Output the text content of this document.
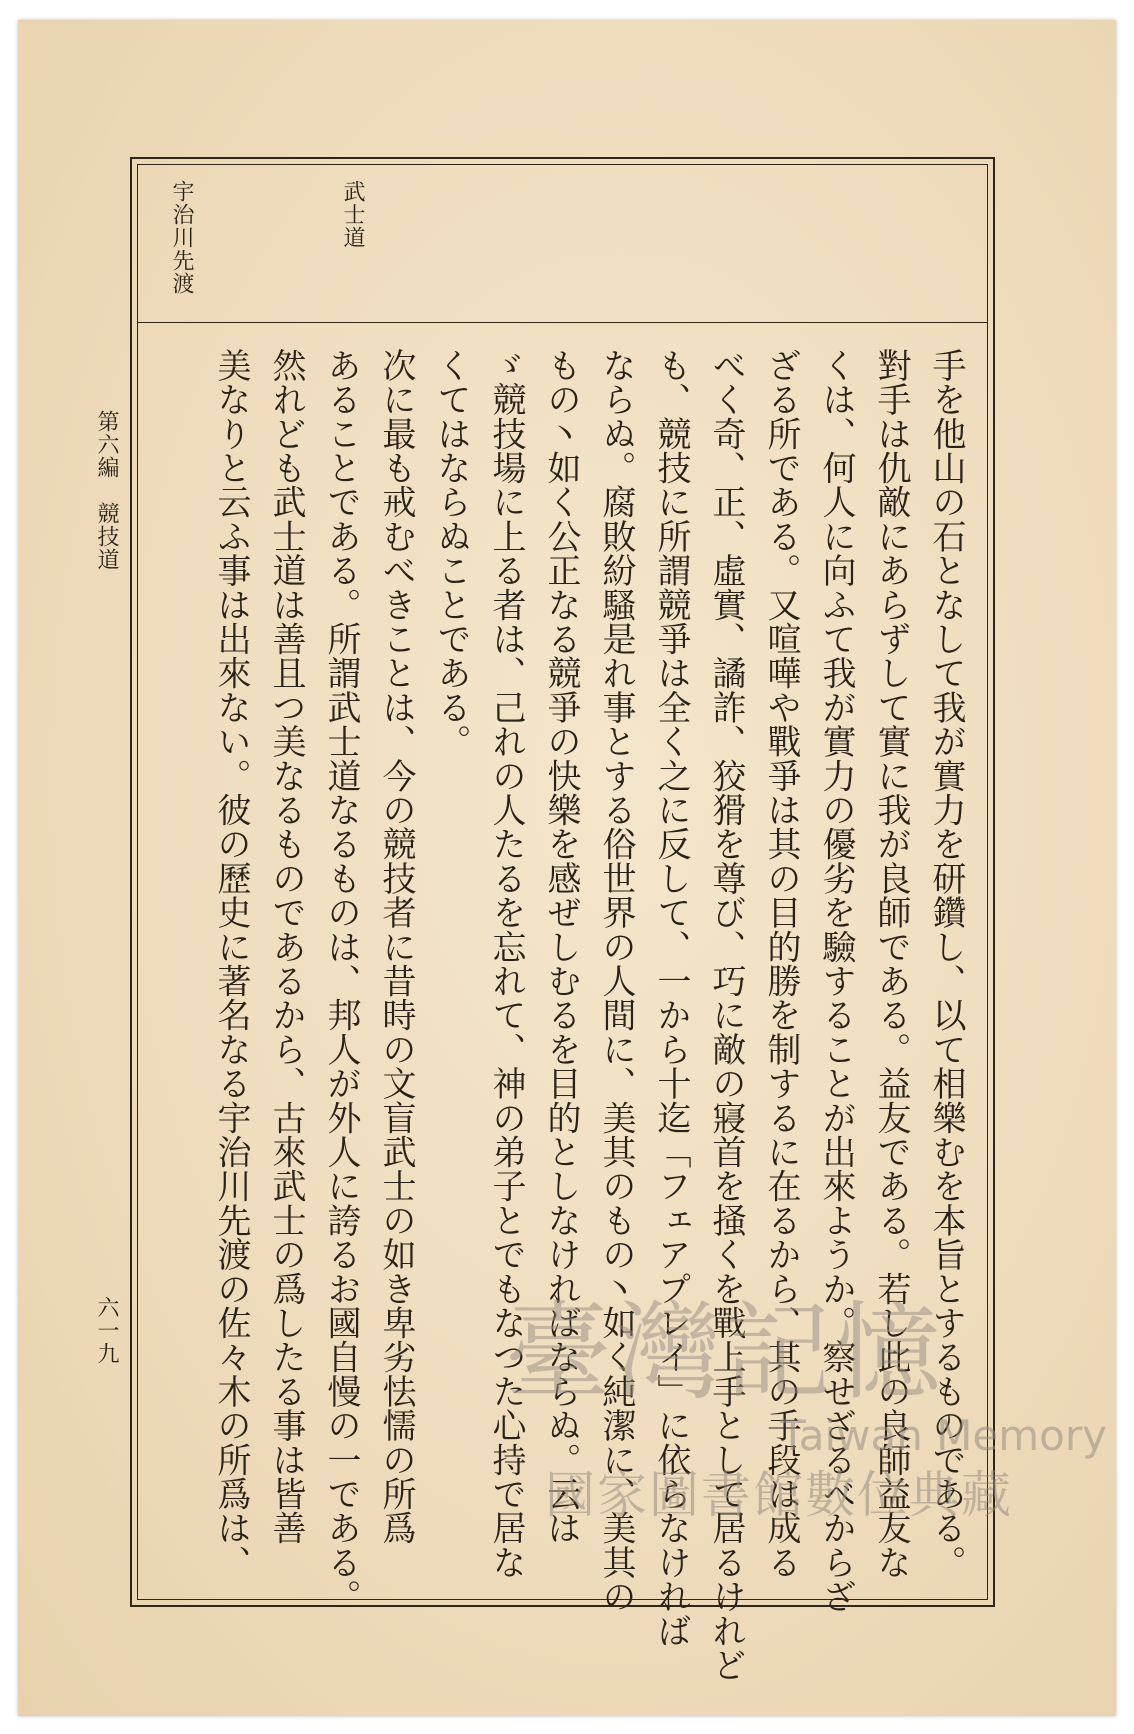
武士道
宇治川先渡
第六編　競技道
六一九	手を他山の石となして我が實力を研鑽し、以て相樂むを本旨とするものである。
對手は仇敵にあらずして實に我が良師である。益友である。若し此の良師益友な
くは、何人に向ふて我が實力の優劣を驗することが出來ようか。察せざるべからざ
ざる所である。又喧嘩や戰爭は其の目的勝を制するに在るから、其の手段は成る
べく奇、正、虛實、譎詐、狡猾を尊び、巧に敵の寢首を掻くを戰上手として居るけれど
も、競技に所謂競爭は全く之に反して、一から十迄「フェアプレイ」に依らなければ
ならぬ。腐敗紛騷是れ事とする俗世界の人間に、美其のもの丶如く純潔に、美其の
もの丶如く公正なる競爭の快樂を感ぜしむるを目的としなければならぬ。云は
ゞ競技場に上る者は、己れの人たるを忘れて、神の弟子とでもなつた心持で居な
くてはならぬことである。
次に最も戒むべきことは、今の競技者に昔時の文盲武士の如き卑劣怯懦の所爲
あることである。所謂武士道なるものは、邦人が外人に誇るお國自慢の一である。
然れども武士道は善且つ美なるものであるから、古來武士の爲したる事は皆善
美なりと云ふ事は出來ない。彼の歷史に著名なる宇治川先渡の佐々木の所爲は、 臺灣記憶
Taiwan Memory
國家圖書館數位典藏
